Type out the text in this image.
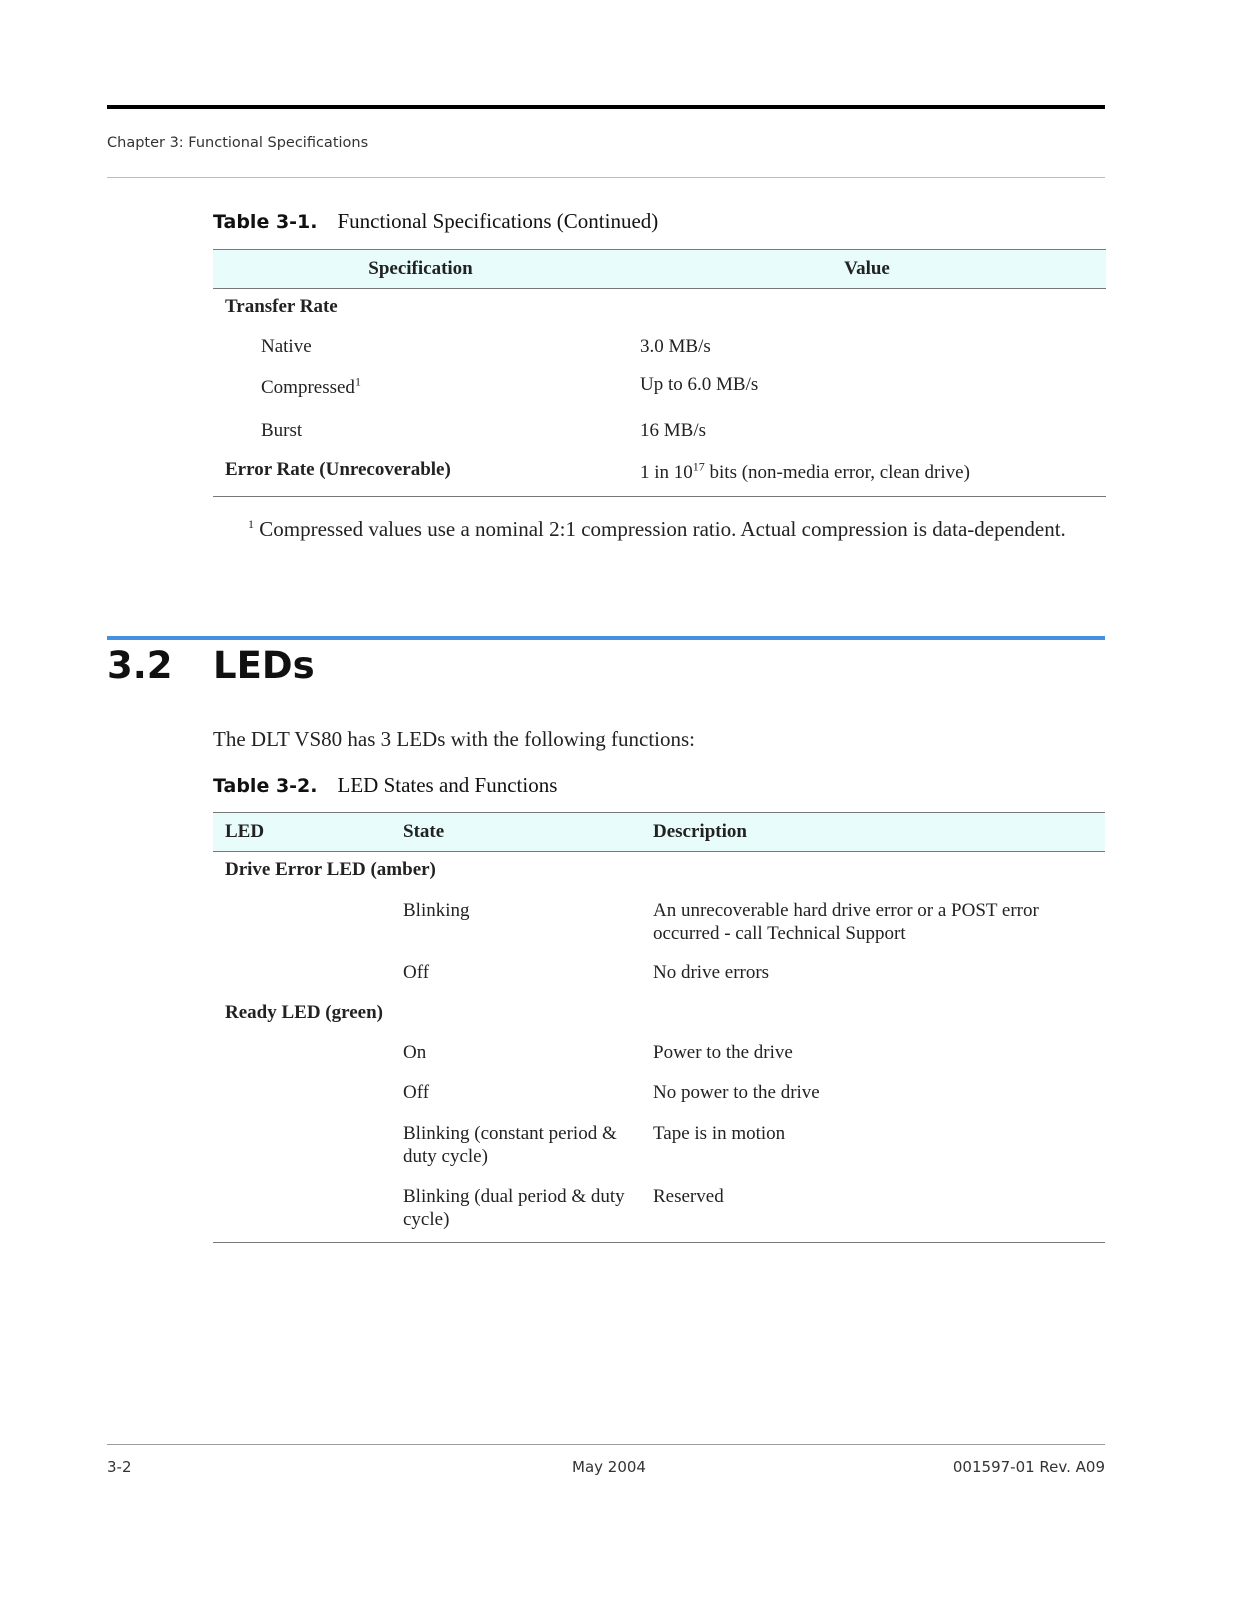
Chapter 3: Functional Specifications
Table 3-1. Functional Specifications (Continued)
Specification	Value
Transfer Rate	
Native	3.0 MB/s
Compressed$^1$	Up to 6.0 MB/s
Burst	16 MB/s
Error Rate (Unrecoverable)	1 in $10^{17}$ bits (non-media error, clean drive)
$^1$ Compressed values use a nominal 2:1 compression ratio. Actual compression is data-dependent.
3.2 LEDs
The DLT VS80 has 3 LEDs with the following functions:
Table 3-2. LED States and Functions
LED	State	Description
Drive Error LED (amber)		
	Blinking	An unrecoverable hard drive error or a POST error occurred - call Technical Support
	Off	No drive errors
Ready LED (green)		
	On	Power to the drive
	Off	No power to the drive
	Blinking (constant period & duty cycle)	Tape is in motion
	Blinking (dual period & duty cycle)	Reserved
3-2	May 2004	001597-01 Rev. A09
